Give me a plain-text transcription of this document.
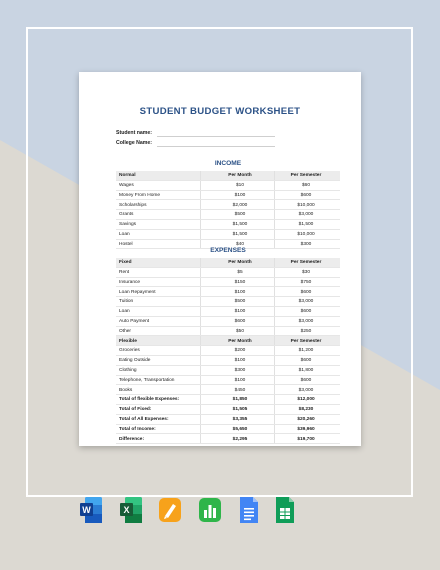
STUDENT BUDGET WORKSHEET
Student name:
College Name:
INCOME
Normal	Per Month	Per Semester
Wages	$10	$60
Money From Home	$100	$600
Scholarships	$2,000	$10,000
Grants	$500	$3,000
Savings	$1,500	$1,500
Loan	$1,500	$10,000
Hostel	$40	$300
EXPENSES
Fixed	Per Month	Per Semester
Rent	$5	$30
Insurance	$150	$750
Loan Repayment	$100	$600
Tuition	$500	$3,000
Loan	$100	$600
Auto Payment	$600	$3,000
Other	$50	$250
Flexible	Per Month	Per Semester
Groceries	$200	$1,200
Eating Outside	$100	$600
Clothing	$300	$1,800
Telephone, Transportation	$100	$600
Books	$450	$3,000
Total of flexible Expenses:	$1,850	$12,000
Total of Fixed:	$1,505	$8,230
Total of All Expenses:	$3,355	$20,260
Total of Income:	$5,650	$39,960
Difference:	$2,295	$19,700
W	X
